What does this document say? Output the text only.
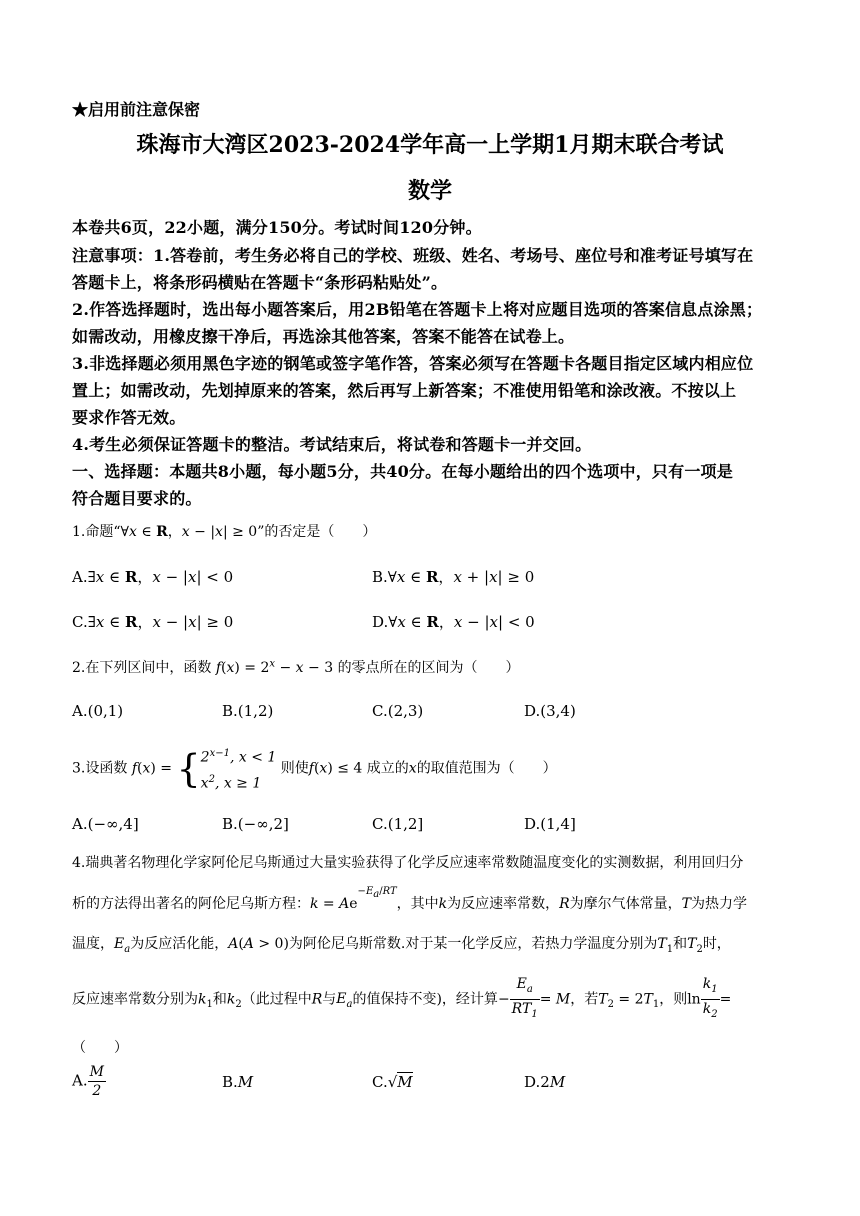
★启用前注意保密
珠海市大湾区2023-2024学年高一上学期1月期末联合考试
数学
本卷共6页，22小题，满分150分。考试时间120分钟。
注意事项：1.答卷前，考生务必将自己的学校、班级、姓名、考场号、座位号和准考证号填写在
答题卡上，将条形码横贴在答题卡“条形码粘贴处”。
2.作答选择题时，选出每小题答案后，用2B铅笔在答题卡上将对应题目选项的答案信息点涂黑；
如需改动，用橡皮擦干净后，再选涂其他答案，答案不能答在试卷上。
3.非选择题必须用黑色字迹的钢笔或签字笔作答，答案必须写在答题卡各题目指定区域内相应位
置上；如需改动，先划掉原来的答案，然后再写上新答案；不准使用铅笔和涂改液。不按以上
要求作答无效。
4.考生必须保证答题卡的整洁。考试结束后，将试卷和答题卡一并交回。
一、选择题：本题共8小题，每小题5分，共40分。在每小题给出的四个选项中，只有一项是
符合题目要求的。
1.命题“∀x ∈ R，x − |x| ≥ 0”的否定是（　　）
A.∃x ∈ R，x − |x| < 0	B.∀x ∈ R，x + |x| ≥ 0
C.∃x ∈ R，x − |x| ≥ 0	D.∀x ∈ R，x − |x| < 0
2.在下列区间中，函数 $f(x) = 2^x - x - 3$ 的零点所在的区间为（　　）
A.(0,1)	B.(1,2)	C.(2,3)	D.(3,4)
3.设函数 f(x) = { $2^{x-1}$, x < 1
$x^2$, x ≥ 1
则使f(x) ≤ 4 成立的x的取值范围为（　　）
A.(−∞,4]	B.(−∞,2]	C.(1,2]	D.(1,4]
4.瑞典著名物理化学家阿伦尼乌斯通过大量实验获得了化学反应速率常数随温度变化的实测数据，利用回归分
析的方法得出著名的阿伦尼乌斯方程：$k = Ae^{-E_a/RT}$，其中k为反应速率常数，R为摩尔气体常量，T为热力学
温度，$E_a$为反应活化能，A(A > 0)为阿伦尼乌斯常数.对于某一化学反应，若热力学温度分别为$T_1$和$T_2$时，
反应速率常数分别为$k_1$和$k_2$（此过程中R与$E_a$的值保持不变)，经计算− $\frac{E_a}{RT_1} = M$，若$T_2 = 2T_1$，则$\ln \frac{k_1}{k_2}$ =
（　　）
A. $\frac{M}{2}$	B.M	C.√M	D.2M
